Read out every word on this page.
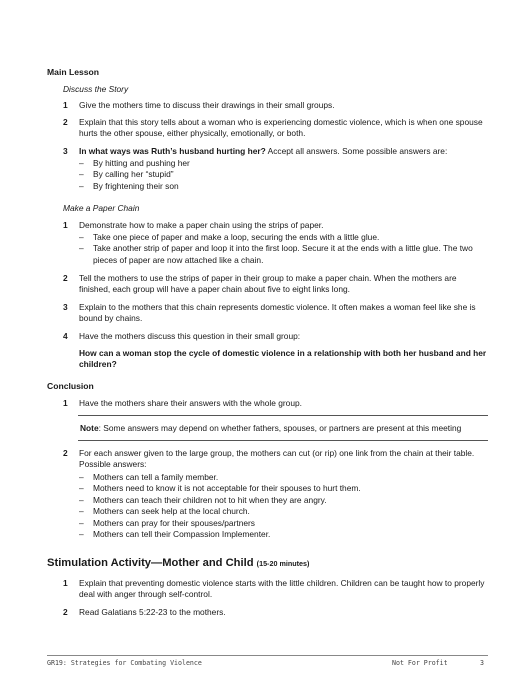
Main Lesson
Discuss the Story
1 Give the mothers time to discuss their drawings in their small groups.
2 Explain that this story tells about a woman who is experiencing domestic violence, which is when one spouse hurts the other spouse, either physically, emotionally, or both.
3 In what ways was Ruth’s husband hurting her? Accept all answers. Some possible answers are:
– By hitting and pushing her
– By calling her “stupid”
– By frightening their son
Make a Paper Chain
1 Demonstrate how to make a paper chain using the strips of paper.
– Take one piece of paper and make a loop, securing the ends with a little glue.
– Take another strip of paper and loop it into the first loop. Secure it at the ends with a little glue. The two pieces of paper are now attached like a chain.
2 Tell the mothers to use the strips of paper in their group to make a paper chain. When the mothers are finished, each group will have a paper chain about five to eight links long.
3 Explain to the mothers that this chain represents domestic violence. It often makes a woman feel like she is bound by chains.
4 Have the mothers discuss this question in their small group:
How can a woman stop the cycle of domestic violence in a relationship with both her husband and her children?
Conclusion
1 Have the mothers share their answers with the whole group.
Note: Some answers may depend on whether fathers, spouses, or partners are present at this meeting
2 For each answer given to the large group, the mothers can cut (or rip) one link from the chain at their table. Possible answers:
– Mothers can tell a family member.
– Mothers need to know it is not acceptable for their spouses to hurt them.
– Mothers can teach their children not to hit when they are angry.
– Mothers can seek help at the local church.
– Mothers can pray for their spouses/partners
– Mothers can tell their Compassion Implementer.
Stimulation Activity—Mother and Child (15-20 minutes)
1 Explain that preventing domestic violence starts with the little children. Children can be taught how to properly deal with anger through self-control.
2 Read Galatians 5:22-23 to the mothers.
GR19: Strategies for Combating Violence	Not For Profit	3
